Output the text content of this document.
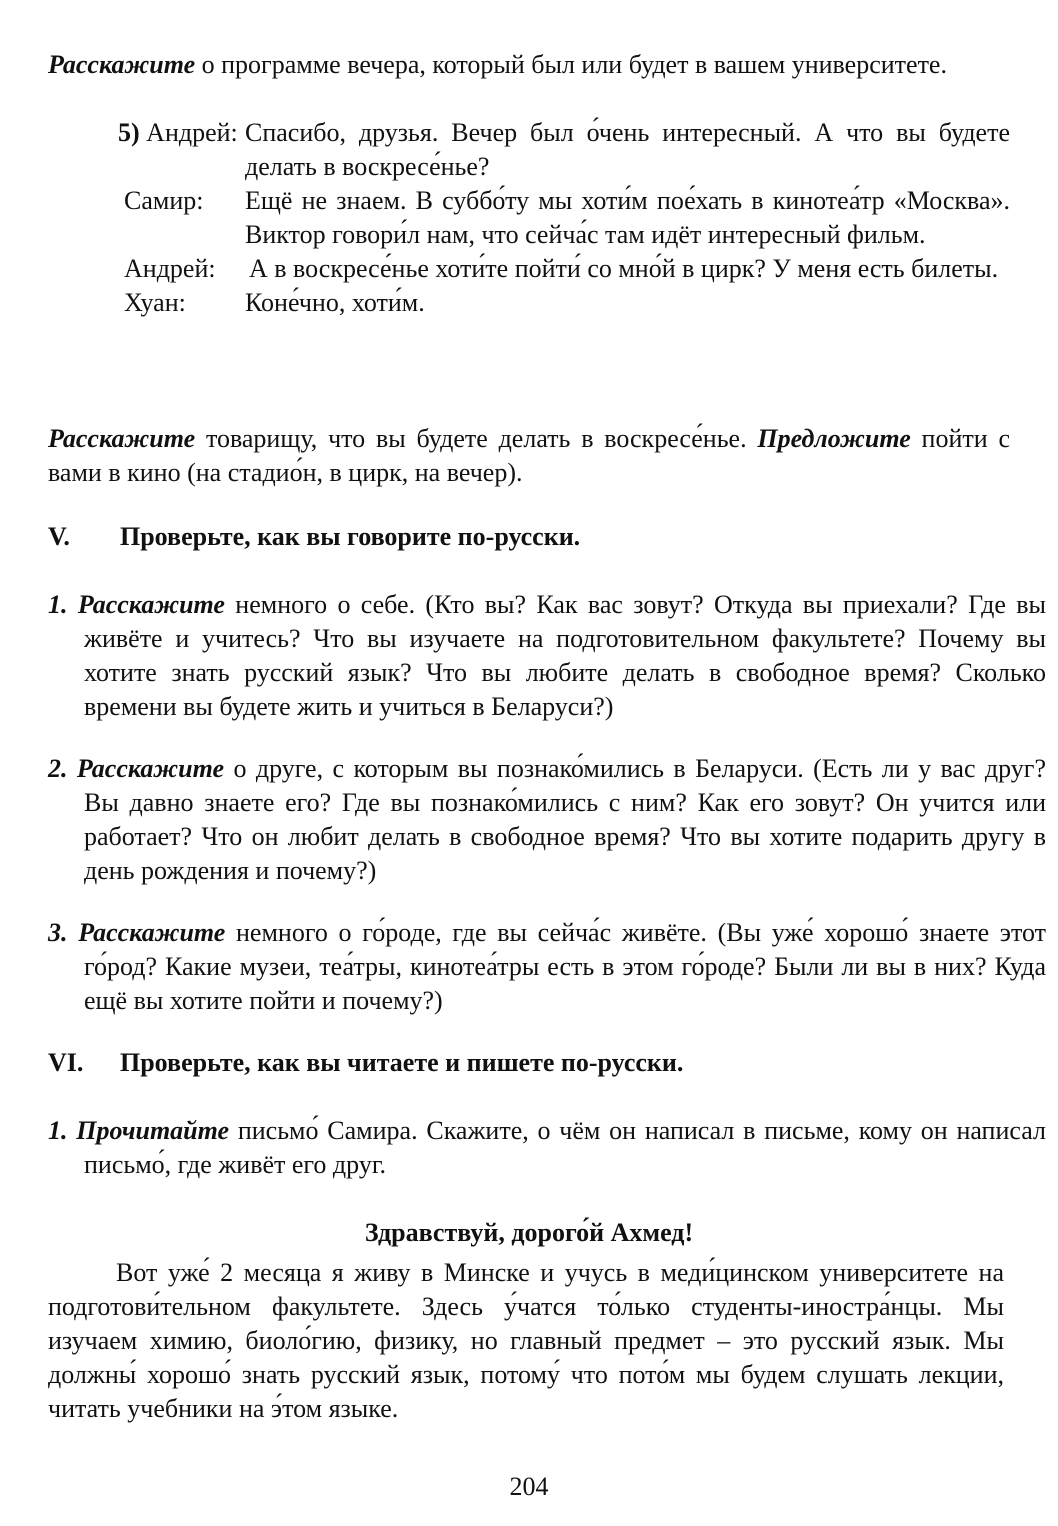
Расскажите о программе вечера, который был или будет в вашем университете.
5) Андрей: Спасибо, друзья. Вечер был о́чень интересный. А что вы будете делать в воскресе́нье?
Самир: Ещё не знаем. В суббо́ту мы хоти́м пое́хать в кинотеа́тр «Москва». Виктор говори́л нам, что сейча́с там идёт интересный фильм.
Андрей: А в воскресе́нье хоти́те пойти́ со мно́й в цирк? У меня есть билеты.
Хуан: Коне́чно, хоти́м.
Расскажите товарищу, что вы будете делать в воскресе́нье. Предложите пойти с вами в кино (на стадио́н, в цирк, на вечер).
V. Проверьте, как вы говорите по-русски.
1. Расскажите немного о себе. (Кто вы? Как вас зовут? Откуда вы приехали? Где вы живёте и учитесь? Что вы изучаете на подготовительном факультете? Почему вы хотите знать русский язык? Что вы любите делать в свободное время? Сколько времени вы будете жить и учиться в Беларуси?)
2. Расскажите о друге, с которым вы познако́мились в Беларуси. (Есть ли у вас друг? Вы давно знаете его? Где вы познако́мились с ним? Как его зовут? Он учится или работает? Что он любит делать в свободное время? Что вы хотите подарить другу в день рождения и почему?)
3. Расскажите немного о го́роде, где вы сейча́с живёте. (Вы уже́ хорошо́ знаете этот го́род? Какие музеи, теа́тры, кинотеа́тры есть в этом го́роде? Были ли вы в них? Куда ещё вы хотите пойти и почему?)
VI. Проверьте, как вы читаете и пишете по-русски.
1. Прочитайте письмо́ Самира. Скажите, о чём он написал в письме, кому он написал письмо́, где живёт его друг.
Здравствуй, дорого́й Ахмед!
Вот уже́ 2 месяца я живу в Минске и учусь в меди́цинском университете на подготови́тельном факультете. Здесь у́чатся то́лько студенты-иностра́нцы. Мы изучаем химию, биоло́гию, физику, но главный предмет – это русский язык. Мы должны́ хорошо́ знать русский язык, потому́ что пото́м мы будем слушать лекции, читать учебники на э́том языке.
204
